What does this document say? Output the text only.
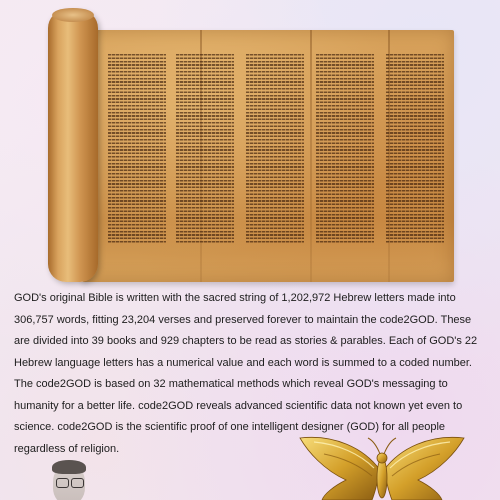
GOD's original Bible is written with the sacred string of 1,202,972 Hebrew letters made into 306,757 words, fitting 23,204 verses and preserved forever to maintain the code2GOD. These are divided into 39 books and 929 chapters to be read as stories & parables. Each of GOD's 22 Hebrew language letters has a numerical value and each word is summed to a coded number. The code2GOD is based on 32 mathematical methods which reveal GOD's messaging to humanity for a better life. code2GOD reveals advanced scientific data not known yet even to science. code2GOD is the scientific proof of one intelligent designer (GOD) for all people regardless of religion.
